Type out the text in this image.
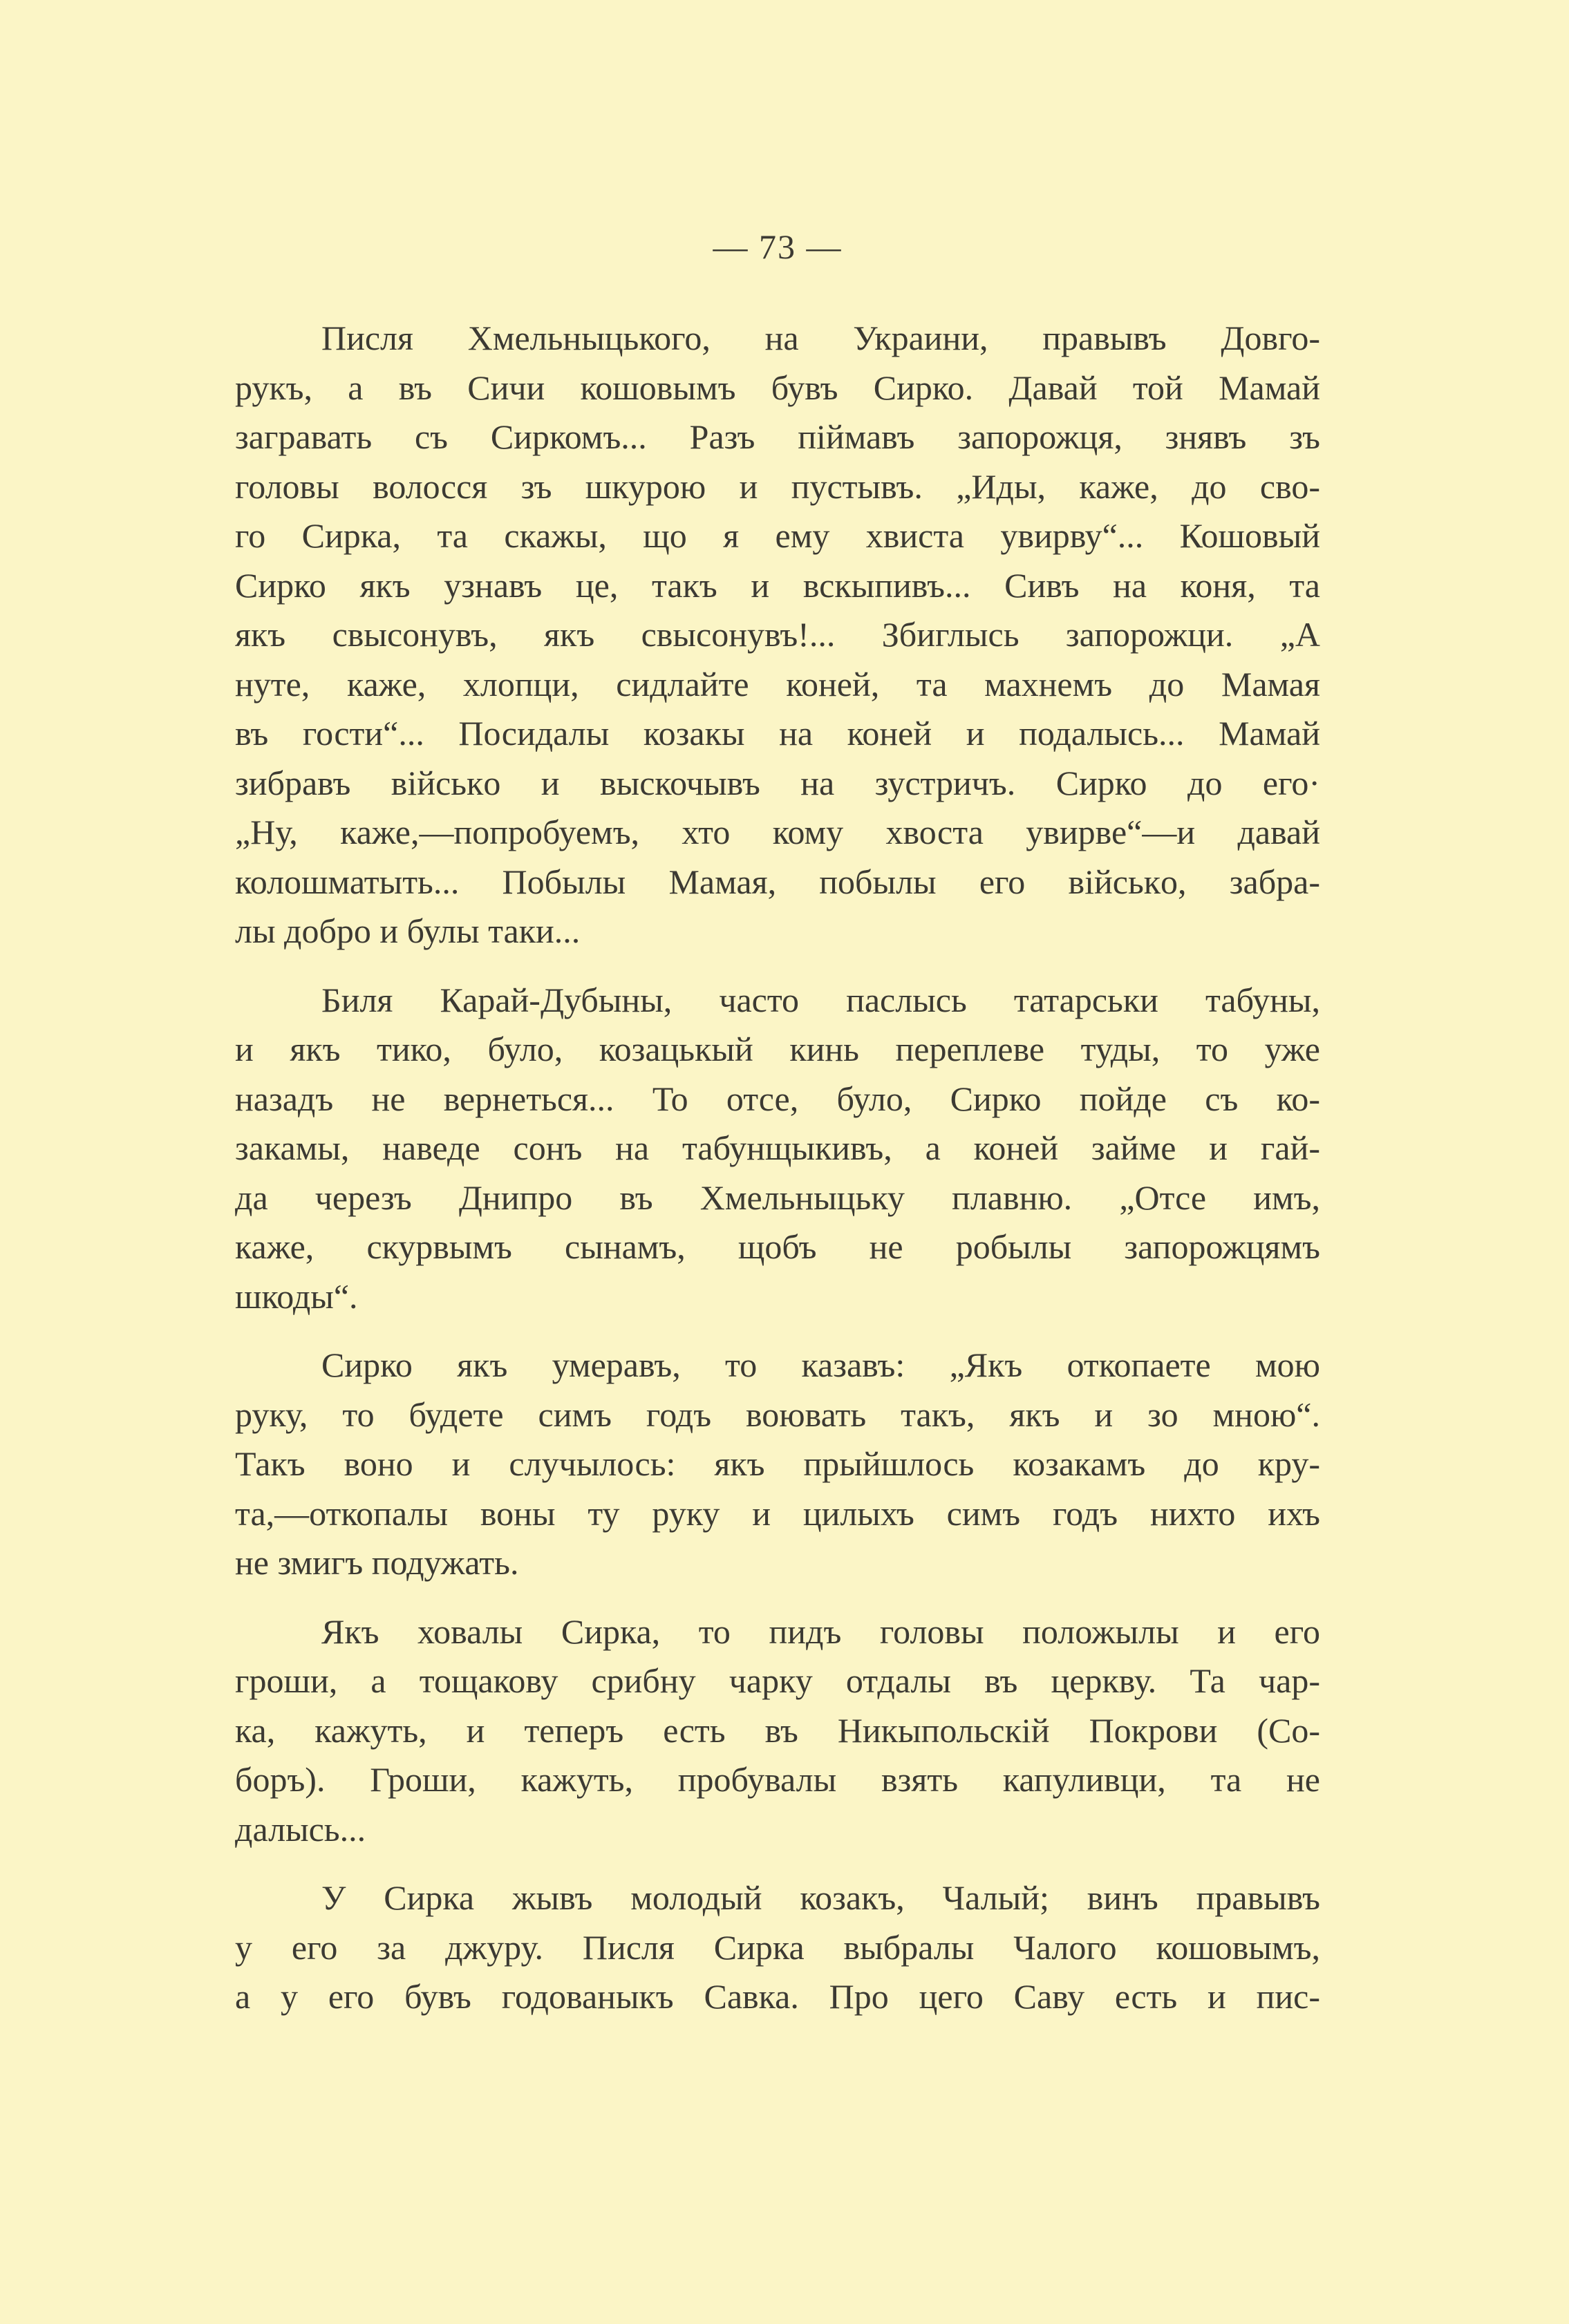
— 73 —

Писля Хмельныцького, на Украини, правывъ Довго-
рукъ, а въ Сичи кошовымъ бувъ Сирко. Давай той Мамай
загравать съ Сиркомъ... Разъ піймавъ запорожця, знявъ зъ
головы волосся зъ шкурою и пустывъ. „Иды, каже, до сво-
го Сирка, та скажы, що я ему хвиста увирву“... Кошовый
Сирко якъ узнавъ це, такъ и вскыпивъ... Сивъ на коня, та
якъ свысонувъ, якъ свысонувъ!... Збиглысь запорожци. „А
нуте, каже, хлопци, сидлайте коней, та махнемъ до Мамая
въ гости“... Посидалы козакы на коней и подалысь... Мамай
зибравъ військo и выскочывъ на зустричъ. Сирко до его·
„Ну, каже,—попробуемъ, хто кому хвоста увирве“—и давай
колошматыть... Побылы Мамая, побылы его військo, забра-
лы добро и булы таки...

Биля Карай-Дубыны, часто паслысь татарськи табуны,
и якъ тико, було, козацькый кинь переплеве туды, то уже
назадъ не вернеться... То отсе, було, Сирко пойде съ ко-
закамы, наведе сонъ на табунщыкивъ, а коней займе и гай-
да черезъ Днипро въ Хмельныцьку плавню. „Отсе имъ,
каже, скурвымъ сынамъ, щобъ не робылы запорожцямъ
шкоды“.

Сирко якъ умеравъ, то казавъ: „Якъ откопаете мою
руку, то будете симъ годъ воювать такъ, якъ и зо мною“.
Такъ воно и случылось: якъ прыйшлось козакамъ до кру-
та,—откопалы воны ту руку и цилыхъ симъ годъ нихто ихъ
не змигъ подужать.

Якъ ховалы Сирка, то пидъ головы положылы и его
гроши, а тощакову срибну чарку отдалы въ церкву. Та чар-
ка, кажуть, и теперъ есть въ Никыпольскій Покрови (Со-
боръ). Гроши, кажуть, пробувалы взять капуливци, та не
далысь...

У Сирка жывъ молодый козакъ, Чалый; винъ правывъ
у его за джуру. Писля Сирка выбралы Чалого кошовымъ,
а у его бувъ годованыкъ Савка. Про цего Саву есть и пис-
